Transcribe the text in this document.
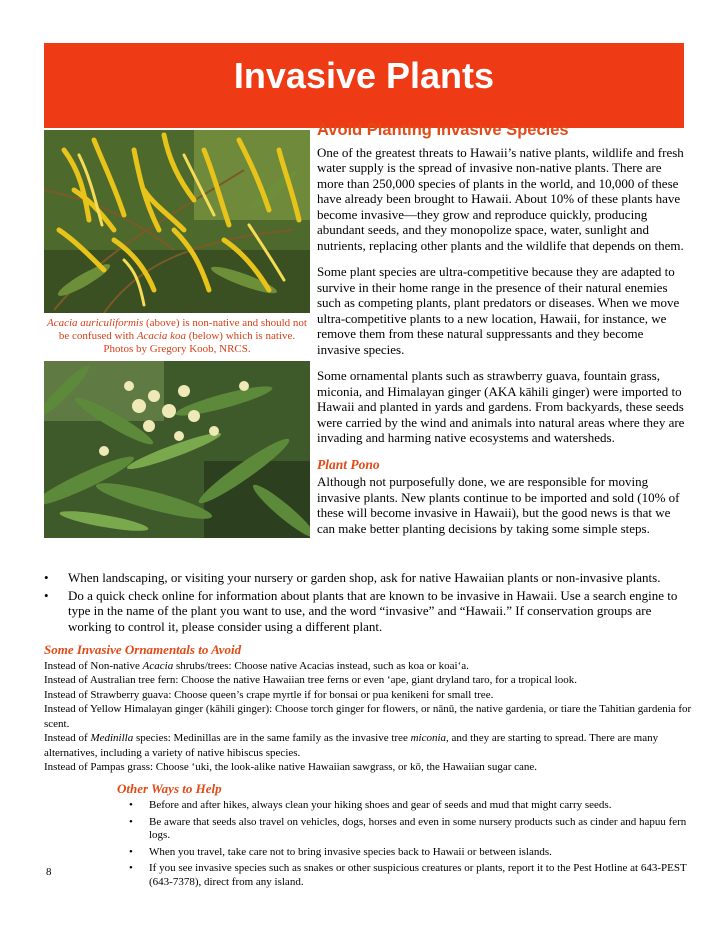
Invasive Plants
Acacia auriculiformis (above) is non-native and should not be confused with Acacia koa (below) which is native.
Photos by Gregory Koob, NRCS.
Avoid Planting Invasive Species

One of the greatest threats to Hawaii’s native plants, wildlife and fresh water supply is the spread of invasive non-native plants. There are more than 250,000 species of plants in the world, and 10,000 of these have already been brought to Hawaii. About 10% of these plants have become invasive—they grow and reproduce quickly, producing abundant seeds, and they monopolize space, water, sunlight and nutrients, replacing other plants and the wildlife that depends on them.

Some plant species are ultra-competitive because they are adapted to survive in their home range in the presence of their natural enemies such as competing plants, plant predators or diseases. When we move ultra-competitive plants to a new location, Hawaii, for instance, we remove them from these natural suppressants and they become invasive species.

Some ornamental plants such as strawberry guava, fountain grass, miconia, and Himalayan ginger (AKA kāhili ginger) were imported to Hawaii and planted in yards and gardens. From backyards, these seeds were carried by the wind and animals into natural areas where they are invading and harming native ecosystems and watersheds.

Plant Pono

Although not purposefully done, we are responsible for moving invasive plants. New plants continue to be imported and sold (10% of these will become invasive in Hawaii), but the good news is that we can make better planting decisions by taking some simple steps.

• When landscaping, or visiting your nursery or garden shop, ask for native Hawaiian plants or non-invasive plants.
• Do a quick check online for information about plants that are known to be invasive in Hawaii. Use a search engine to type in the name of the plant you want to use, and the word “invasive” and “Hawaii.” If conservation groups are working to control it, please consider using a different plant.
Some Invasive Ornamentals to Avoid
Instead of Non-native Acacia shrubs/trees: Choose native Acacias instead, such as koa or koai‘a.
Instead of Australian tree fern: Choose the native Hawaiian tree ferns or even ‘ape, giant dryland taro, for a tropical look.
Instead of Strawberry guava: Choose queen’s crape myrtle if for bonsai or pua kenikeni for small tree.
Instead of Yellow Himalayan ginger (kāhili ginger): Choose torch ginger for flowers, or nānū, the native gardenia, or tiare the Tahitian gardenia for scent.
Instead of Medinilla species: Medinillas are in the same family as the invasive tree miconia, and they are starting to spread. There are many alternatives, including a variety of native hibiscus species.
Instead of Pampas grass: Choose ‘uki, the look-alike native Hawaiian sawgrass, or kō, the Hawaiian sugar cane.
Other Ways to Help
• Before and after hikes, always clean your hiking shoes and gear of seeds and mud that might carry seeds.
• Be aware that seeds also travel on vehicles, dogs, horses and even in some nursery products such as cinder and hapuu fern logs.
• When you travel, take care not to bring invasive species back to Hawaii or between islands.
• If you see invasive species such as snakes or other suspicious creatures or plants, report it to the Pest Hotline at 643-PEST (643-7378), direct from any island.
8
